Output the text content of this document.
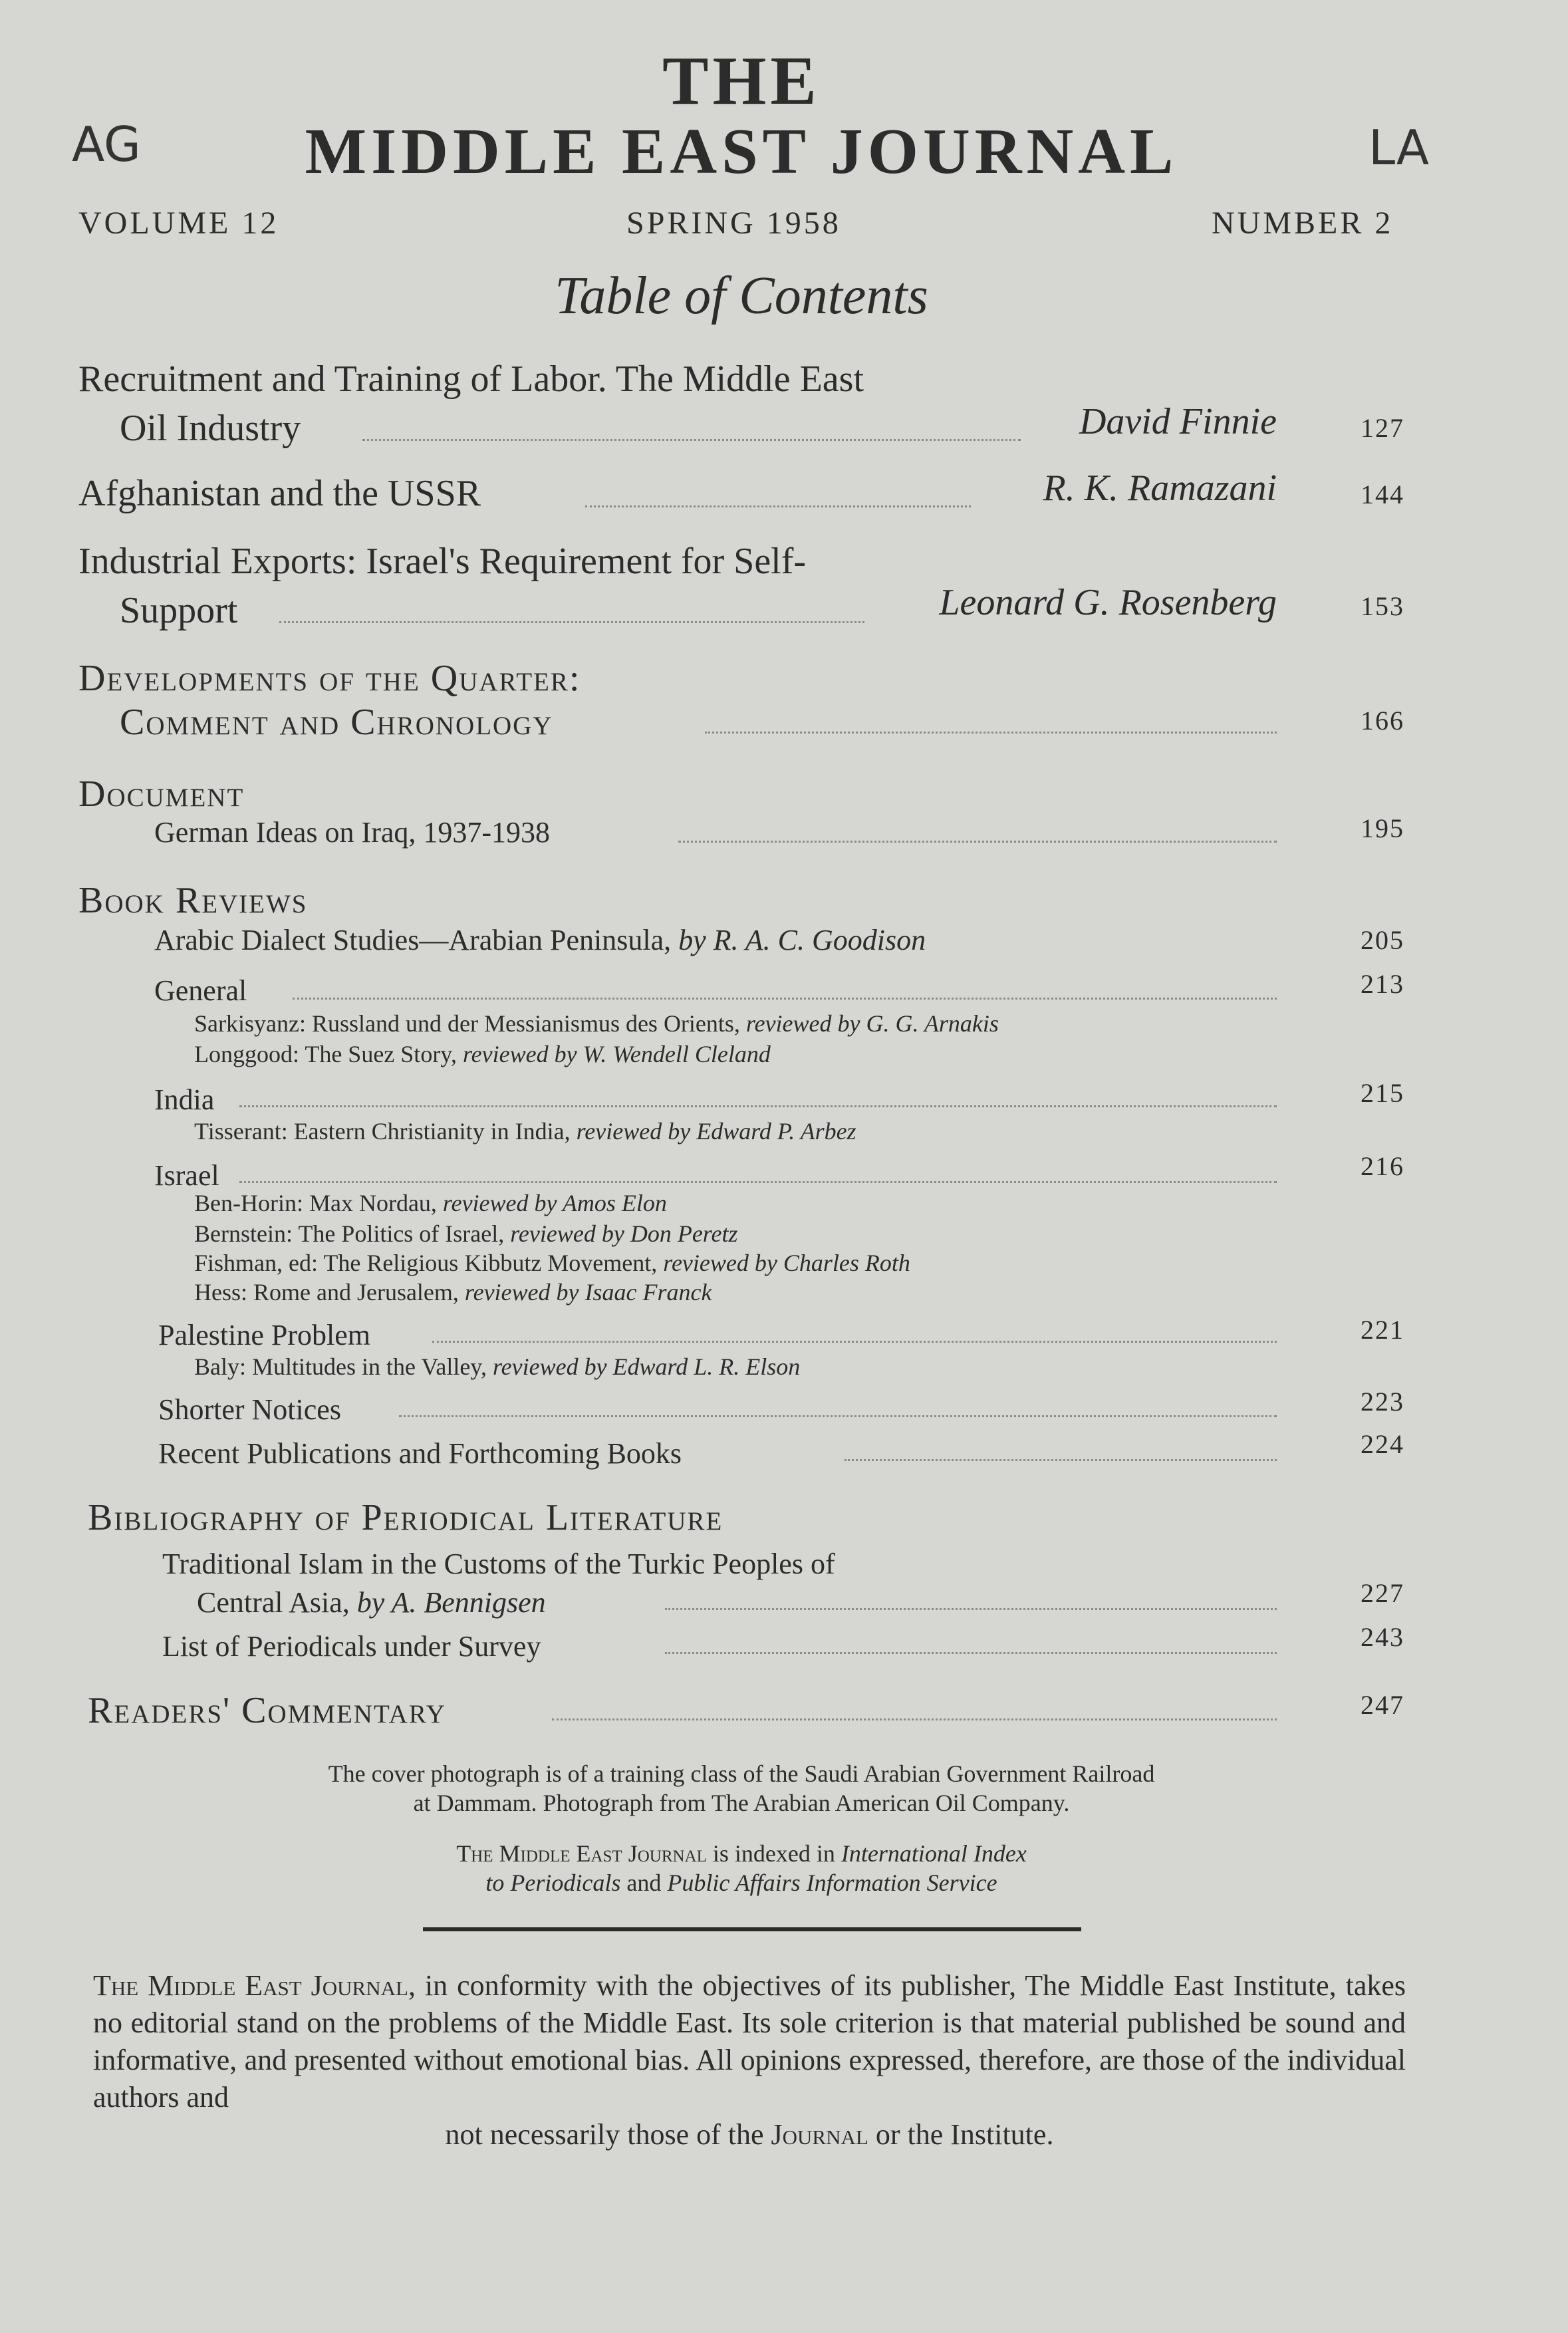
AG	LA
THE
MIDDLE EAST JOURNAL
VOLUME 12	SPRING 1958	NUMBER 2
Table of Contents
Recruitment and Training of Labor. The Middle East
Oil Industry	David Finnie	127
Afghanistan and the USSR	R. K. Ramazani	144
Industrial Exports: Israel's Requirement for Self-
Support	Leonard G. Rosenberg	153
Developments of the Quarter:
Comment and Chronology	166
Document
German Ideas on Iraq, 1937-1938	195
Book Reviews
Arabic Dialect Studies—Arabian Peninsula, by R. A. C. Goodison	205
General	213
Sarkisyanz: Russland und der Messianismus des Orients, reviewed by G. G. Arnakis
Longgood: The Suez Story, reviewed by W. Wendell Cleland
India	215
Tisserant: Eastern Christianity in India, reviewed by Edward P. Arbez
Israel	216
Ben-Horin: Max Nordau, reviewed by Amos Elon
Bernstein: The Politics of Israel, reviewed by Don Peretz
Fishman, ed: The Religious Kibbutz Movement, reviewed by Charles Roth
Hess: Rome and Jerusalem, reviewed by Isaac Franck
Palestine Problem	221
Baly: Multitudes in the Valley, reviewed by Edward L. R. Elson
Shorter Notices	223
Recent Publications and Forthcoming Books	224
Bibliography of Periodical Literature
Traditional Islam in the Customs of the Turkic Peoples of
Central Asia, by A. Bennigsen	227
List of Periodicals under Survey	243
Readers' Commentary	247
The cover photograph is of a training class of the Saudi Arabian Government Railroad
at Dammam. Photograph from The Arabian American Oil Company.
The Middle East Journal is indexed in International Index
to Periodicals and Public Affairs Information Service
The Middle East Journal, in conformity with the objectives of its publisher, The Middle East Institute, takes no editorial stand on the problems of the Middle East. Its sole criterion is that material published be sound and informative, and presented without emotional bias. All opinions expressed, therefore, are those of the individual authors and
not necessarily those of the Journal or the Institute.
